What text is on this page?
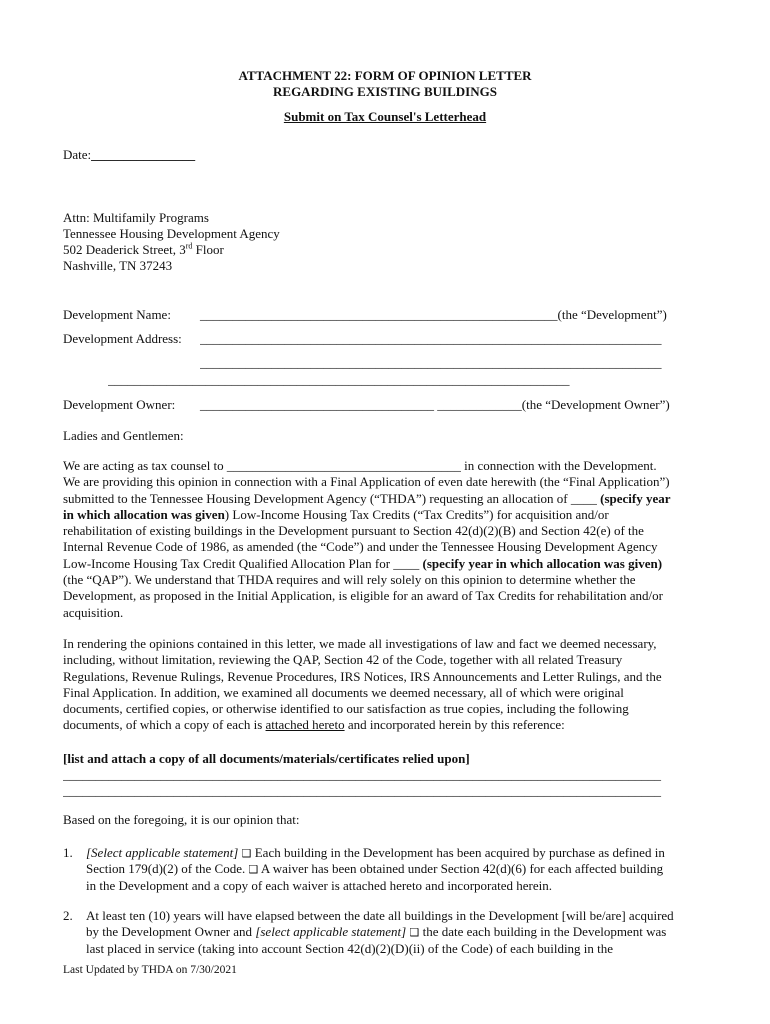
ATTACHMENT 22: FORM OF OPINION LETTER
REGARDING EXISTING BUILDINGS
Submit on Tax Counsel's Letterhead
Date:________________
Attn: Multifamily Programs
Tennessee Housing Development Agency
502 Deaderick Street, 3rd Floor
Nashville, TN 37243
Development Name: _______________________________________________________(the “Development”)
Development Address: _______________________________________________________________________
_______________________________________________________________________
_______________________________________________________________________
Development Owner: ____________________________________ _____________(the “Development Owner”)
Ladies and Gentlemen:
We are acting as tax counsel to ____________________________________ in connection with the Development.
We are providing this opinion in connection with a Final Application of even date herewith (the “Final Application”)
submitted to the Tennessee Housing Development Agency (“THDA”) requesting an allocation of ____ (specify year
in which allocation was given) Low-Income Housing Tax Credits (“Tax Credits”) for acquisition and/or
rehabilitation of existing buildings in the Development pursuant to Section 42(d)(2)(B) and Section 42(e) of the
Internal Revenue Code of 1986, as amended (the “Code”) and under the Tennessee Housing Development Agency
Low-Income Housing Tax Credit Qualified Allocation Plan for ____ (specify year in which allocation was given)
(the “QAP”). We understand that THDA requires and will rely solely on this opinion to determine whether the
Development, as proposed in the Initial Application, is eligible for an award of Tax Credits for rehabilitation and/or
acquisition.
In rendering the opinions contained in this letter, we made all investigations of law and fact we deemed necessary,
including, without limitation, reviewing the QAP, Section 42 of the Code, together with all related Treasury
Regulations, Revenue Rulings, Revenue Procedures, IRS Notices, IRS Announcements and Letter Rulings, and the
Final Application. In addition, we examined all documents we deemed necessary, all of which were original
documents, certified copies, or otherwise identified to our satisfaction as true copies, including the following
documents, of which a copy of each is attached hereto and incorporated herein by this reference:
[list and attach a copy of all documents/materials/certificates relied upon]
____________________________________________________________________________________________
____________________________________________________________________________________________
Based on the foregoing, it is our opinion that:
1.	[Select applicable statement] ❑ Each building in the Development has been acquired by purchase as defined in
Section 179(d)(2) of the Code. ❑ A waiver has been obtained under Section 42(d)(6) for each affected building
in the Development and a copy of each waiver is attached hereto and incorporated herein.
2.	At least ten (10) years will have elapsed between the date all buildings in the Development [will be/are] acquired
by the Development Owner and [select applicable statement] ❑ the date each building in the Development was
last placed in service (taking into account Section 42(d)(2)(D)(ii) of the Code) of each building in the
Last Updated by THDA on 7/30/2021
